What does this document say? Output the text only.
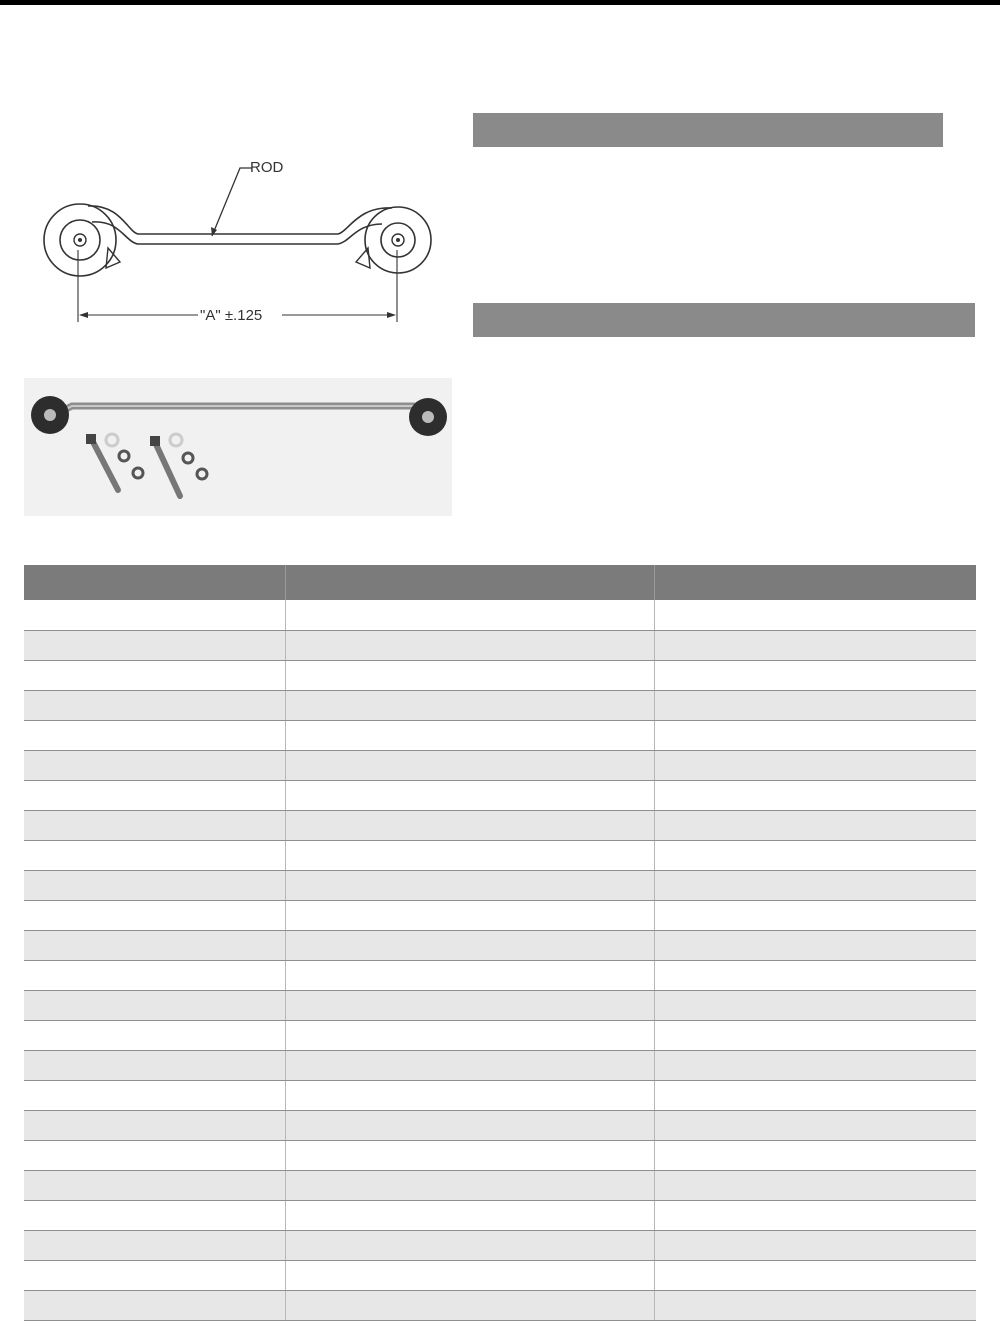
ROD
"A" ±.125
